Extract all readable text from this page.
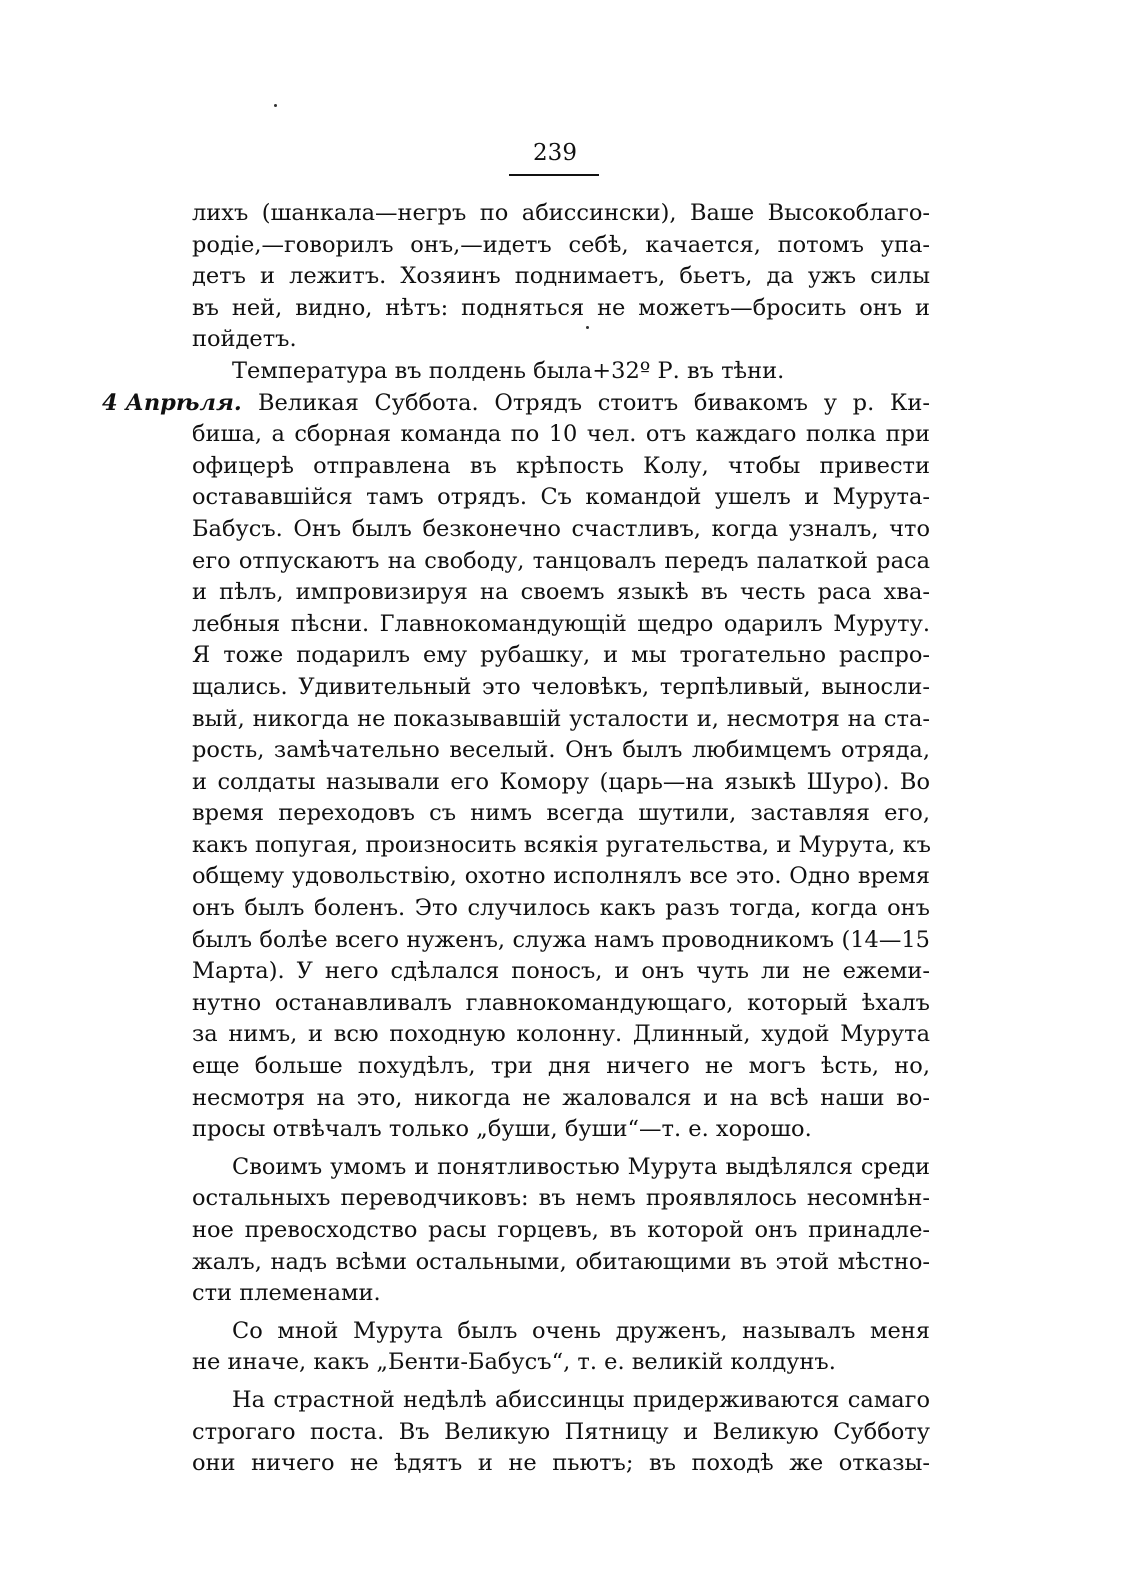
239
лихъ (шанкала—негръ по абиссински), Ваше Высокоблаго-
родіе,—говорилъ онъ,—идетъ себѣ, качается, потомъ упа-
детъ и лежитъ. Хозяинъ поднимаетъ, бьетъ, да ужъ силы
въ ней, видно, нѣтъ: подняться не можетъ—бросить онъ и
пойдетъ.
Температура въ полдень была+32º Р. въ тѣни.
4 Апрѣля. Великая Суббота. Отрядъ стоитъ бивакомъ у р. Ки-
биша, а сборная команда по 10 чел. отъ каждаго полка при
офицерѣ отправлена въ крѣпость Колу, чтобы привести
остававшійся тамъ отрядъ. Съ командой ушелъ и Мурута-
Бабусъ. Онъ былъ безконечно счастливъ, когда узналъ, что
его отпускаютъ на свободу, танцовалъ передъ палаткой раса
и пѣлъ, импровизируя на своемъ языкѣ въ честь раса хва-
лебныя пѣсни. Главнокомандующій щедро одарилъ Муруту.
Я тоже подарилъ ему рубашку, и мы трогательно распро-
щались. Удивительный это человѣкъ, терпѣливый, выносли-
вый, никогда не показывавшій усталости и, несмотря на ста-
рость, замѣчательно веселый. Онъ былъ любимцемъ отряда,
и солдаты называли его Комору (царь—на языкѣ Шуро). Во
время переходовъ съ нимъ всегда шутили, заставляя его,
какъ попугая, произносить всякія ругательства, и Мурута, къ
общему удовольствію, охотно исполнялъ все это. Одно время
онъ былъ боленъ. Это случилось какъ разъ тогда, когда онъ
былъ болѣе всего нуженъ, служа намъ проводникомъ (14—15
Марта). У него сдѣлался поносъ, и онъ чуть ли не ежеми-
нутно останавливалъ главнокомандующаго, который ѣхалъ
за нимъ, и всю походную колонну. Длинный, худой Мурута
еще больше похудѣлъ, три дня ничего не могъ ѣсть, но,
несмотря на это, никогда не жаловался и на всѣ наши во-
просы отвѣчалъ только „буши, буши“—т. е. хорошо.
Своимъ умомъ и понятливостью Мурута выдѣлялся среди
остальныхъ переводчиковъ: въ немъ проявлялось несомнѣн-
ное превосходство расы горцевъ, въ которой онъ принадле-
жалъ, надъ всѣми остальными, обитающими въ этой мѣстно-
сти племенами.
Со мной Мурута былъ очень друженъ, называлъ меня
не иначе, какъ „Бенти-Бабусъ“, т. е. великій колдунъ.
На страстной недѣлѣ абиссинцы придерживаются самаго
строгаго поста. Въ Великую Пятницу и Великую Субботу
они ничего не ѣдятъ и не пьютъ; въ походѣ же отказы-
